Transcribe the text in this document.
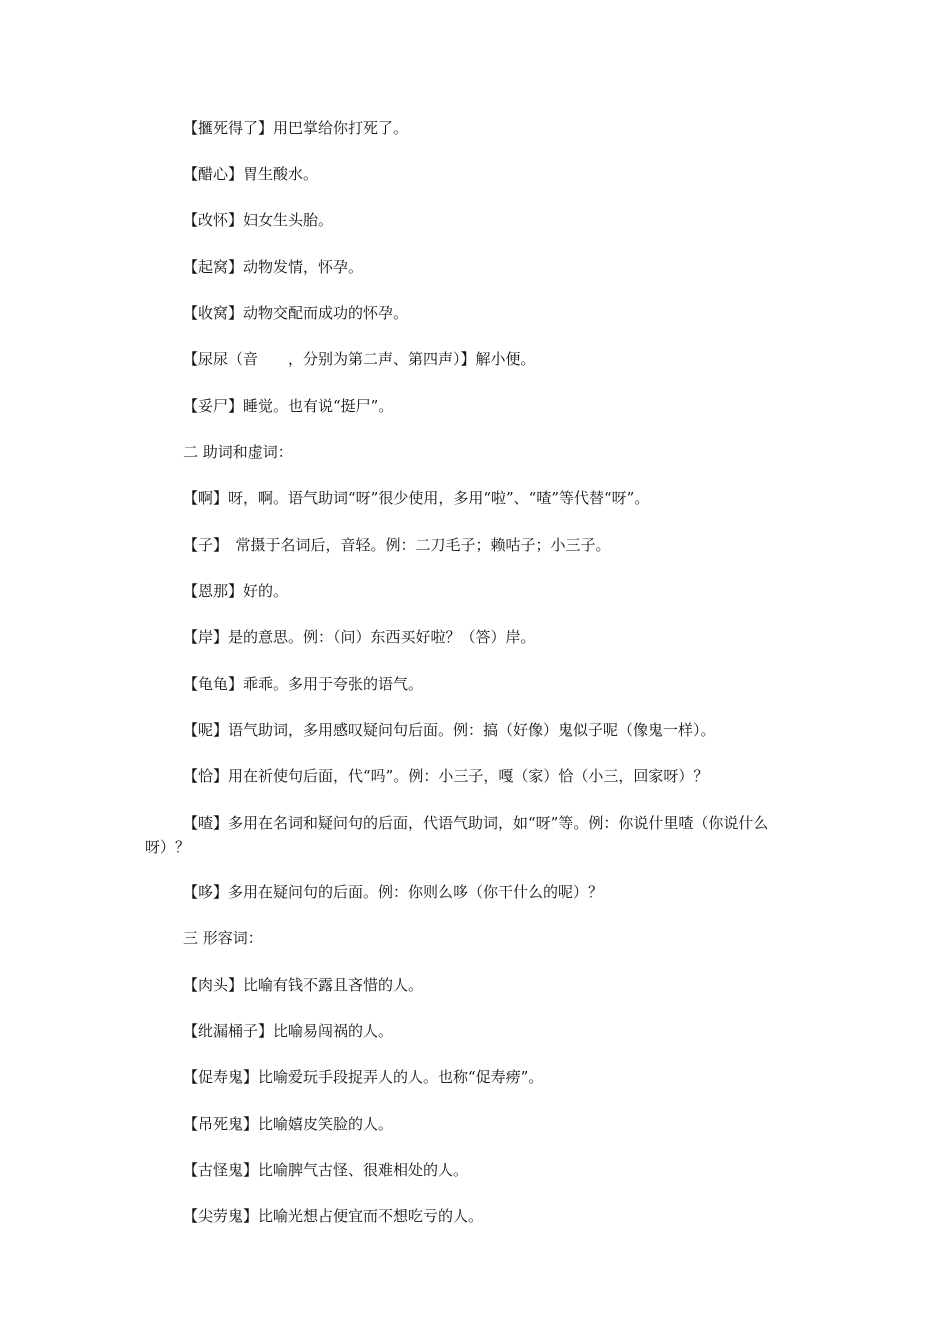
【擓死得了】用巴掌给你打死了。
【醋心】胃生酸水。
【改怀】妇女生头胎。
【起窝】动物发情，怀孕。
【收窝】动物交配而成功的怀孕。
【尿尿（音　　，分别为第二声、第四声）】解小便。
【妥尸】睡觉。也有说“挺尸”。
二 助词和虚词：
【啊】呀，啊。语气助词“呀”很少使用，多用“啦”、“喳”等代替“呀”。
【子】　常摄于名词后，音轻。例：二刀毛子；赖咕子；小三子。
【恩那】好的。
【岸】是的意思。例：（问）东西买好啦？（答）岸。
【龟龟】乖乖。多用于夸张的语气。
【呢】语气助词，多用感叹疑问句后面。例：搞（好像）鬼似子呢（像鬼一样）。
【恰】用在祈使句后面，代“吗”。例：小三子，嘎（家）恰（小三，回家呀）？
【喳】多用在名词和疑问句的后面，代语气助词，如“呀”等。例：你说什里喳（你说什么呀）？
【哆】多用在疑问句的后面。例：你则么哆（你干什么的呢）？
三 形容词：
【肉头】比喻有钱不露且吝惜的人。
【纰漏桶子】比喻易闯祸的人。
【促寿鬼】比喻爱玩手段捉弄人的人。也称“促寿痨”。
【吊死鬼】比喻嬉皮笑脸的人。
【古怪鬼】比喻脾气古怪、很难相处的人。
【尖劳鬼】比喻光想占便宜而不想吃亏的人。
